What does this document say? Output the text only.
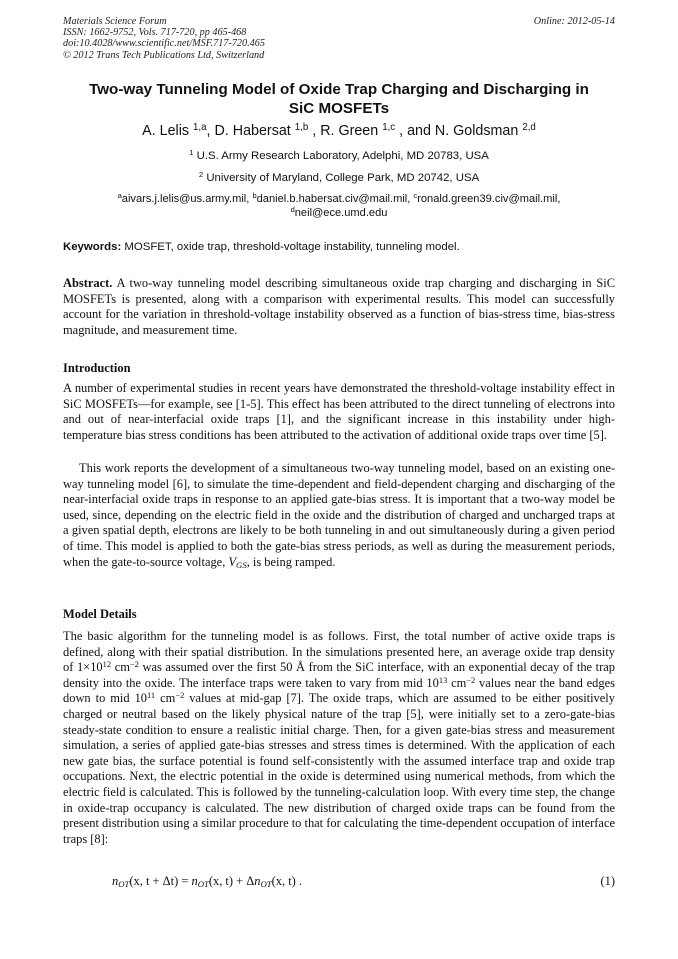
Materials Science Forum
ISSN: 1662-9752, Vols. 717-720, pp 465-468
doi:10.4028/www.scientific.net/MSF.717-720.465
© 2012 Trans Tech Publications Ltd, Switzerland
Online: 2012-05-14
Two-way Tunneling Model of Oxide Trap Charging and Discharging in
SiC MOSFETs
A. Lelis $^{1,a}$, D. Habersat $^{1,b}$ , R. Green $^{1,c}$ , and N. Goldsman $^{2,d}$
$^1$ U.S. Army Research Laboratory, Adelphi, MD 20783, USA
$^2$ University of Maryland, College Park, MD 20742, USA
$^a$aivars.j.lelis@us.army.mil, $^b$daniel.b.habersat.civ@mail.mil, $^c$ronald.green39.civ@mail.mil,
$^d$neil@ece.umd.edu
Keywords: MOSFET, oxide trap, threshold-voltage instability, tunneling model.
Abstract. A two-way tunneling model describing simultaneous oxide trap charging and discharging in SiC MOSFETs is presented, along with a comparison with experimental results. This model can successfully account for the variation in threshold-voltage instability observed as a function of bias-stress time, bias-stress magnitude, and measurement time.
Introduction
A number of experimental studies in recent years have demonstrated the threshold-voltage instability effect in SiC MOSFETs—for example, see [1-5]. This effect has been attributed to the direct tunneling of electrons into and out of near-interfacial oxide traps [1], and the significant increase in this instability under high-temperature bias stress conditions has been attributed to the activation of additional oxide traps over time [5].
This work reports the development of a simultaneous two-way tunneling model, based on an existing one-way tunneling model [6], to simulate the time-dependent and field-dependent charging and discharging of the near-interfacial oxide traps in response to an applied gate-bias stress. It is important that a two-way model be used, since, depending on the electric field in the oxide and the distribution of charged and uncharged traps at a given spatial depth, electrons are likely to be both tunneling in and out simultaneously during a given period of time. This model is applied to both the gate-bias stress periods, as well as during the measurement periods, when the gate-to-source voltage, $V_{GS}$, is being ramped.
Model Details
The basic algorithm for the tunneling model is as follows. First, the total number of active oxide traps is defined, along with their spatial distribution. In the simulations presented here, an average oxide trap density of $1\times 10^{12}$ $cm^{-2}$ was assumed over the first 50 Å from the SiC interface, with an exponential decay of the trap density into the oxide. The interface traps were taken to vary from mid $10^{13}$ $cm^{-2}$ values near the band edges down to mid $10^{11}$ $cm^{-2}$ values at mid-gap [7]. The oxide traps, which are assumed to be either positively charged or neutral based on the likely physical nature of the trap [5], were initially set to a zero-gate-bias steady-state condition to ensure a realistic initial charge. Then, for a given gate-bias stress and measurement simulation, a series of applied gate-bias stresses and stress times is determined. With the application of each new gate bias, the surface potential is found self-consistently with the assumed interface trap and oxide trap occupations. Next, the electric potential in the oxide is determined using numerical methods, from which the electric field is calculated. This is followed by the tunneling-calculation loop. With every time step, the change in oxide-trap occupancy is calculated. The new distribution of charged oxide traps can be found from the present distribution using a similar procedure to that for calculating the time-dependent occupation of interface traps [8]:
$n_{OT}(x$, $t + \Delta t) = n_{OT}(x$, $t) + \Delta n_{OT}(x$, t) .	(1)
